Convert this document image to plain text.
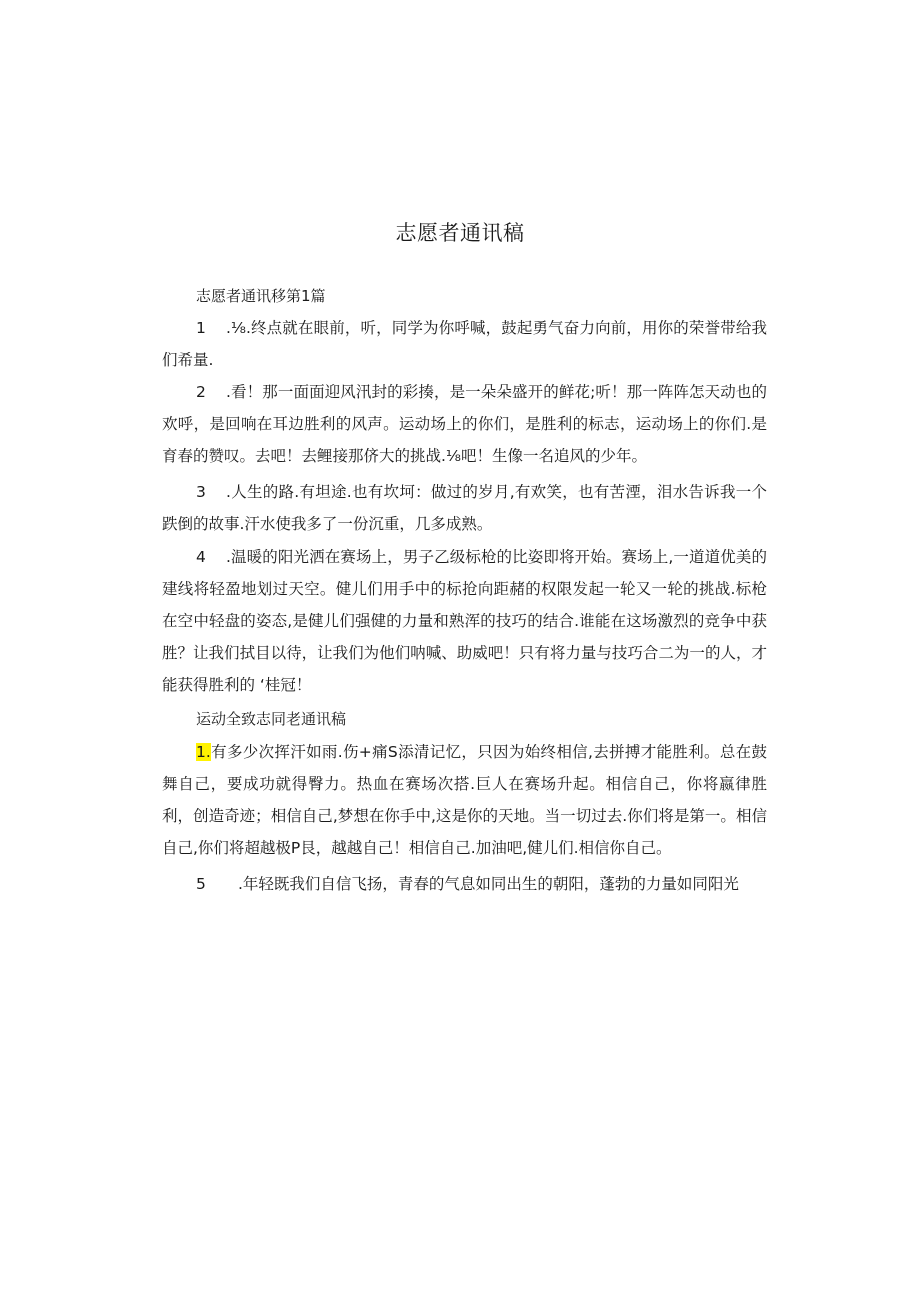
志愿者通讯稿
志愿者通讯移第1篇
1 .⅛.终点就在眼前，听，同学为你呼喊，鼓起勇气奋力向前，用你的荣誉带给我们希量.
2 .看！那一面面迎风汛封的彩揍，是一朵朵盛开的鲜花;听！那一阵阵怎天动也的欢呼，是回响在耳边胜利的风声。运动场上的你们，是胜利的标志，运动场上的你们.是育春的赞叹。去吧！去鲤接那侪大的挑战.⅛吧！生像一名追风的少年。
3 .人生的路.有坦途.也有坎坷：做过的岁月,有欢笑，也有苦湮，泪水告诉我一个跌倒的故事.汗水使我多了一份沉重，几多成熟。
4 .温暖的阳光洒在赛场上，男子乙级标枪的比姿即将开始。赛场上,一道道优美的建线将轻盈地划过天空。健儿们用手中的标抢向距赭的权限发起一轮又一轮的挑战.标枪在空中轻盘的姿态,是健儿们强健的力量和熟浑的技巧的结合.谁能在这场激烈的竞争中获胜？让我们拭目以待，让我们为他们呐喊、助威吧！只有将力量与技巧合二为一的人，才能获得胜利的 ‘桂冠！
运动全致志同老通讯稿
1.有多少次挥汗如雨.伤+痛S添清记忆，只因为始终相信,去拼搏才能胜利。总在鼓舞自己，要成功就得臀力。热血在赛场次搭.巨人在赛场升起。相信自己，你将嬴律胜利，创造奇迹；相信自己,梦想在你手中,这是你的天地。当一切过去.你们将是第一。相信自己,你们将超越极P艮，越越自己！相信自己.加油吧,健儿们.相信你自己。
5 .年轻既我们自信飞扬，青春的气息如同出生的朝阳，蓬勃的力量如同阳光
